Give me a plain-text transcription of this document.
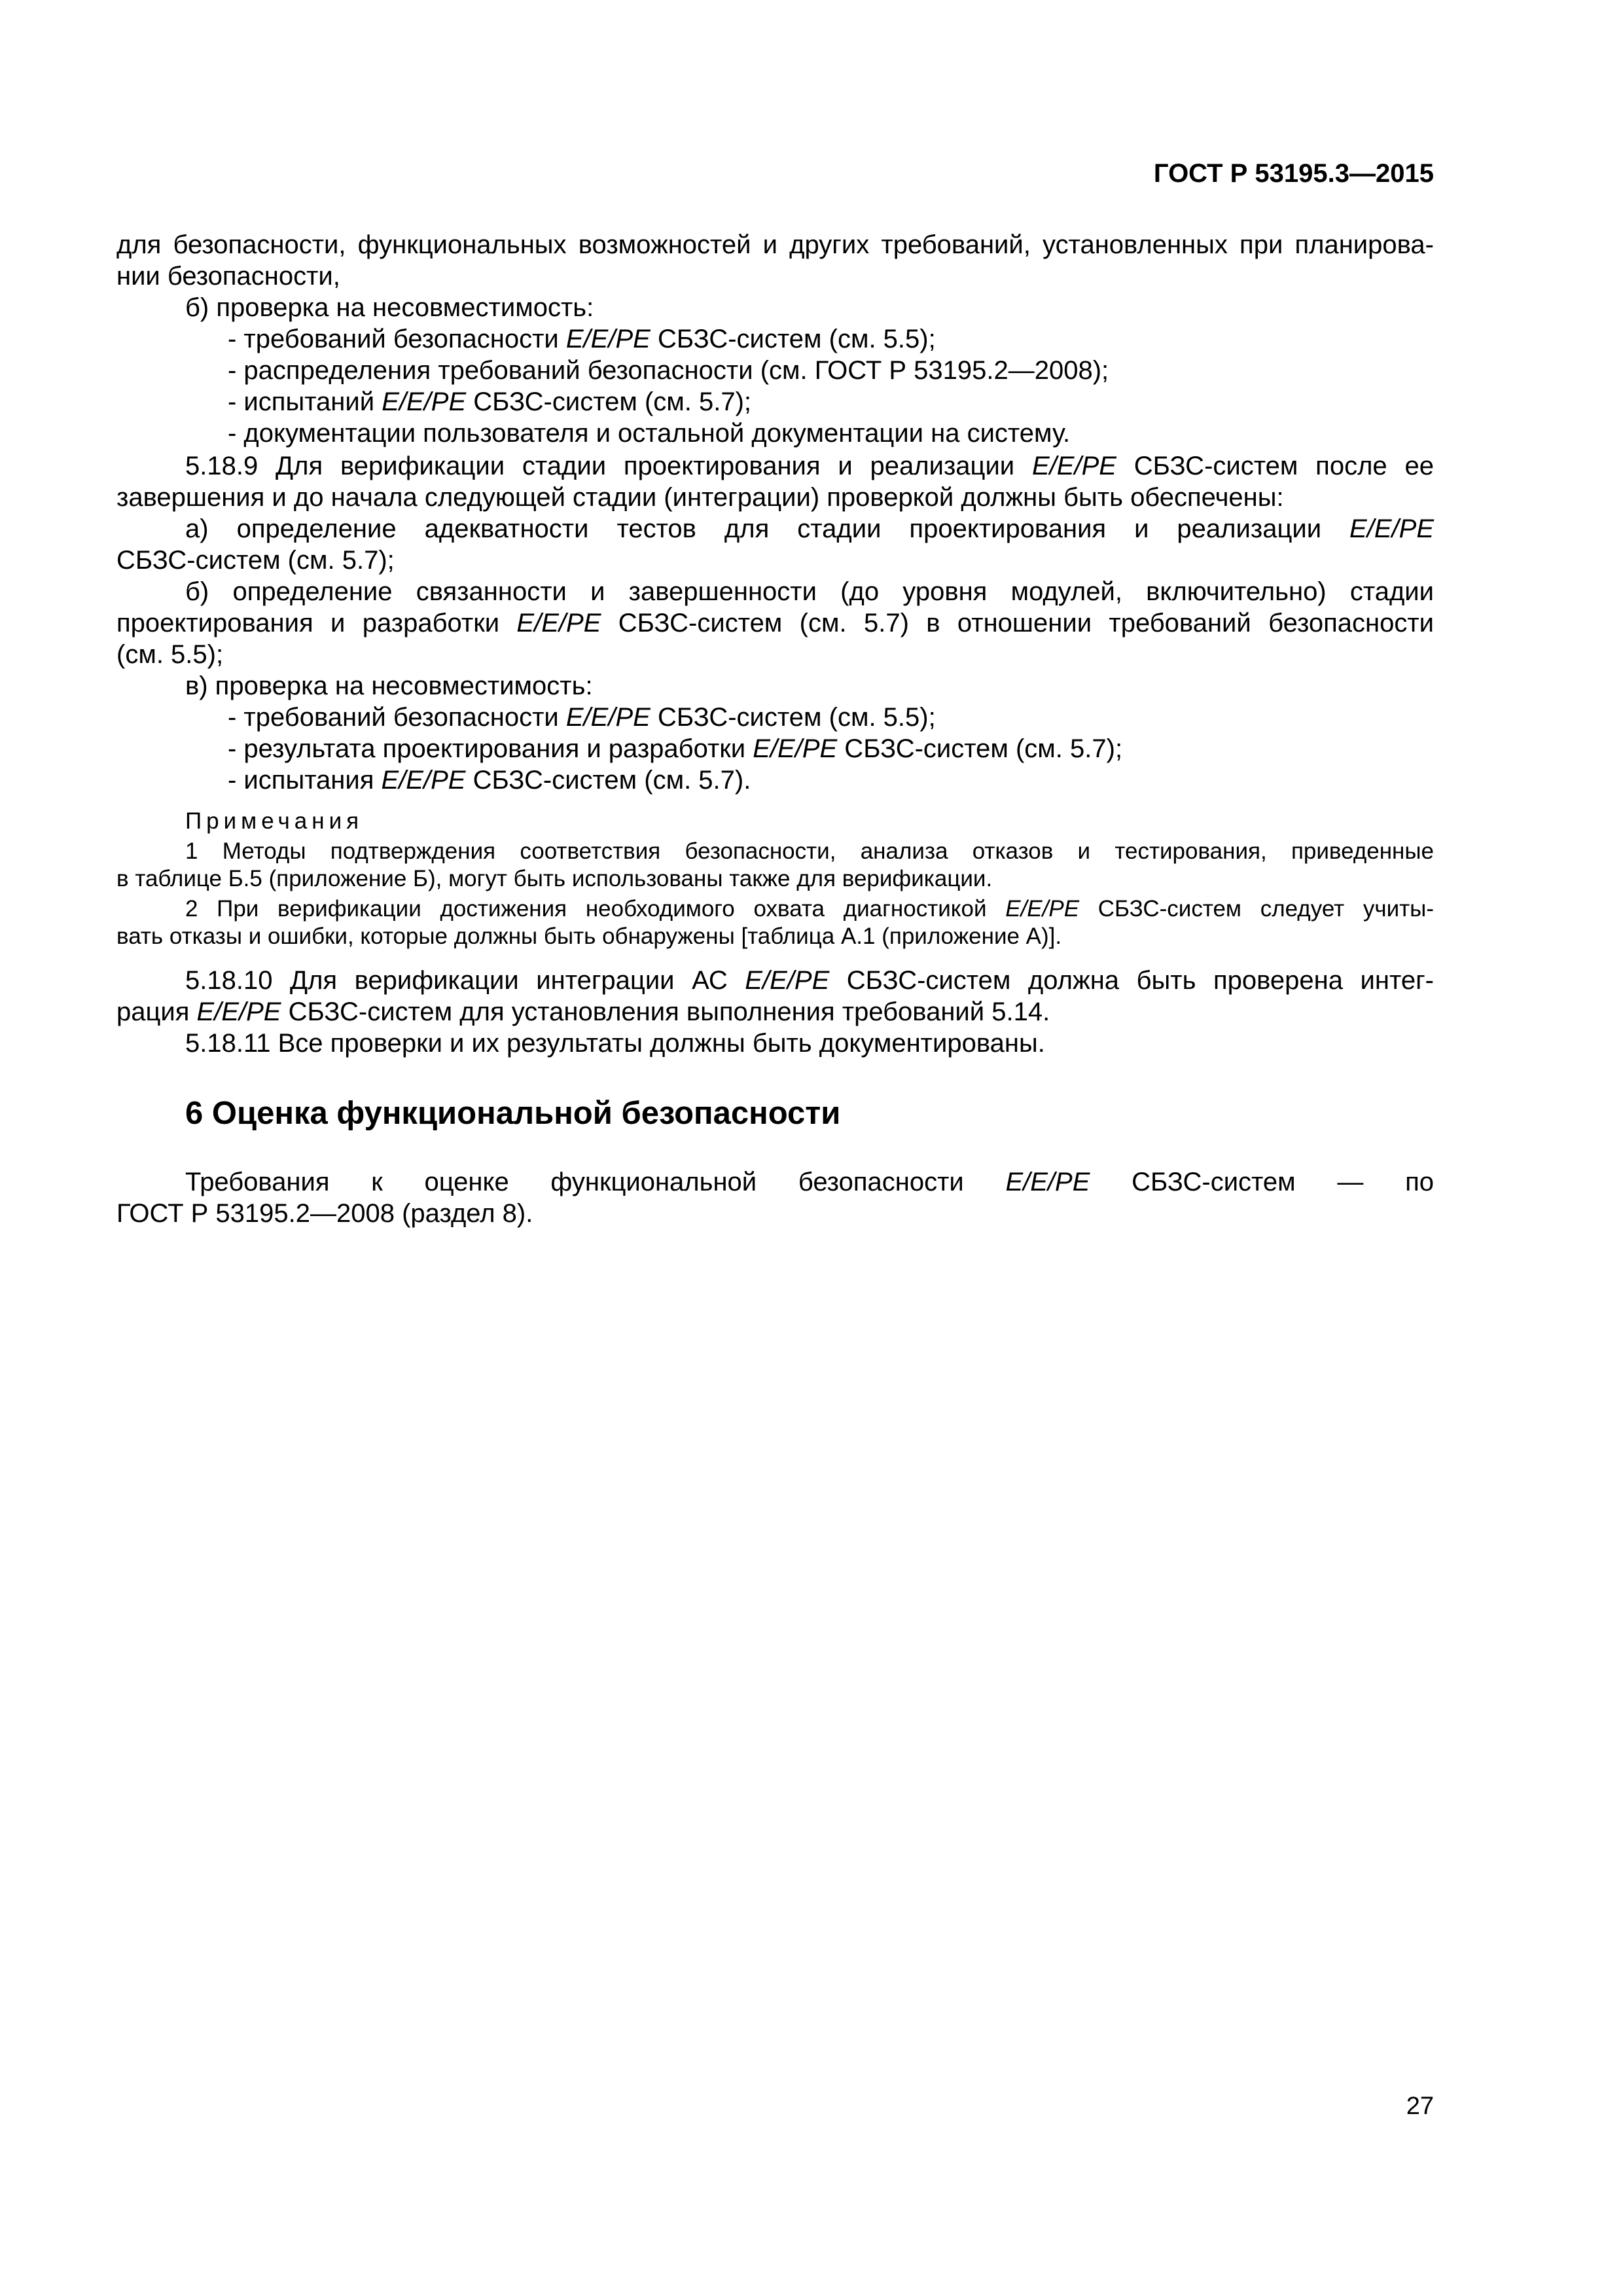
ГОСТ Р 53195.3—2015
для безопасности, функциональных возможностей и других требований, установленных при планирова-
нии безопасности,
б) проверка на несовместимость:
- требований безопасности E/E/PE СБЗС-систем (см. 5.5);
- распределения требований безопасности (см. ГОСТ Р 53195.2—2008);
- испытаний E/E/PE СБЗС-систем (см. 5.7);
- документации пользователя и остальной документации на систему.
5.18.9 Для верификации стадии проектирования и реализации E/E/PE СБЗС-систем после ее
завершения и до начала следующей стадии (интеграции) проверкой должны быть обеспечены:
а) определение адекватности тестов для стадии проектирования и реализации E/E/PE
СБЗС-систем (см. 5.7);
б) определение связанности и завершенности (до уровня модулей, включительно) стадии
проектирования и разработки E/E/PE СБЗС-систем (см. 5.7) в отношении требований безопасности
(см. 5.5);
в) проверка на несовместимость:
- требований безопасности E/E/PE СБЗС-систем (см. 5.5);
- результата проектирования и разработки E/E/PE СБЗС-систем (см. 5.7);
- испытания E/E/PE СБЗС-систем (см. 5.7).
Примечания
1 Методы подтверждения соответствия безопасности, анализа отказов и тестирования, приведенные
в таблице Б.5 (приложение Б), могут быть использованы также для верификации.
2 При верификации достижения необходимого охвата диагностикой E/E/PE СБЗС-систем следует учиты-
вать отказы и ошибки, которые должны быть обнаружены [таблица А.1 (приложение А)].
5.18.10 Для верификации интеграции АС E/E/PE СБЗС-систем должна быть проверена интег-
рация E/E/PE СБЗС-систем для установления выполнения требований 5.14.
5.18.11 Все проверки и их результаты должны быть документированы.
6 Оценка функциональной безопасности
Требования к оценке функциональной безопасности E/E/PE СБЗС-систем — по
ГОСТ Р 53195.2—2008 (раздел 8).
27
